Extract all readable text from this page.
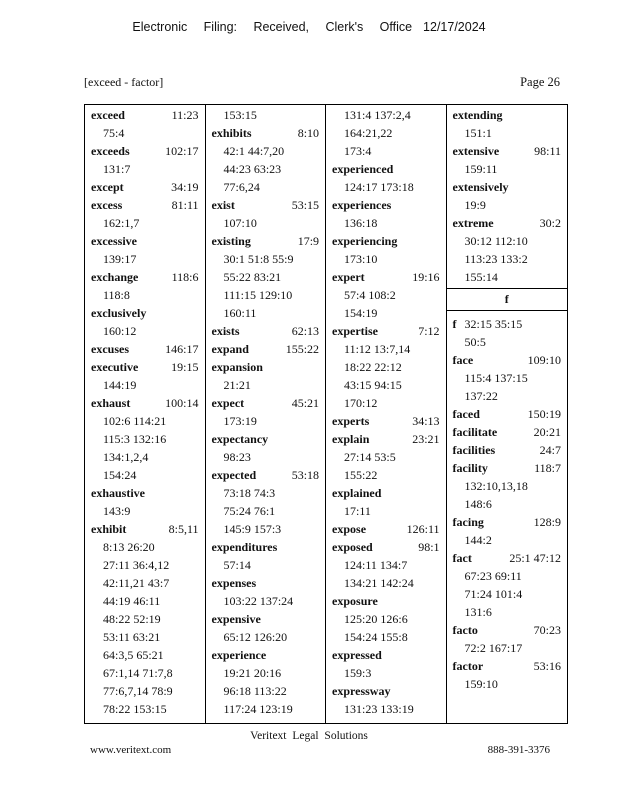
Electronic   Filing:   Received,   Clerk's   Office  12/17/2024
[exceed - factor]	Page 26
exceed	11:23
75:4
exceeds	102:17
131:7
except	34:19
excess	81:11
162:1,7
excessive
139:17
exchange	118:6
118:8
exclusively
160:12
excuses	146:17
executive	19:15
144:19
exhaust	100:14
102:6 114:21
115:3 132:16
134:1,2,4
154:24
exhaustive
143:9
exhibit	8:5,11
8:13 26:20
27:11 36:4,12
42:11,21 43:7
44:19 46:11
48:22 52:19
53:11 63:21
64:3,5 65:21
67:1,14 71:7,8
77:6,7,14 78:9
78:22 153:15
153:15
exhibits	8:10
42:1 44:7,20
44:23 63:23
77:6,24
exist	53:15
107:10
existing	17:9
30:1 51:8 55:9
55:22 83:21
111:15 129:10
160:11
exists	62:13
expand	155:22
expansion
21:21
expect	45:21
173:19
expectancy
98:23
expected	53:18
73:18 74:3
75:24 76:1
145:9 157:3
expenditures
57:14
expenses
103:22 137:24
expensive
65:12 126:20
experience
19:21 20:16
96:18 113:22
117:24 123:19
131:4 137:2,4
164:21,22
173:4
experienced
124:17 173:18
experiences
136:18
experiencing
173:10
expert	19:16
57:4 108:2
154:19
expertise	7:12
11:12 13:7,14
18:22 22:12
43:15 94:15
170:12
experts	34:13
explain	23:21
27:14 53:5
155:22
explained
17:11
expose	126:11
exposed	98:1
124:11 134:7
134:21 142:24
exposure
125:20 126:6
154:24 155:8
expressed
159:3
expressway
131:23 133:19
extending
151:1
extensive	98:11
159:11
extensively
19:9
extreme	30:2
30:12 112:10
113:23 133:2
155:14
f
f 32:15 35:15
50:5
face	109:10
115:4 137:15
137:22
faced	150:19
facilitate	20:21
facilities	24:7
facility	118:7
132:10,13,18
148:6
facing	128:9
144:2
fact	25:1 47:12
67:23 69:11
71:24 101:4
131:6
facto	70:23
72:2 167:17
factor	53:16
159:10
Veritext Legal Solutions
www.veritext.com	888-391-3376
